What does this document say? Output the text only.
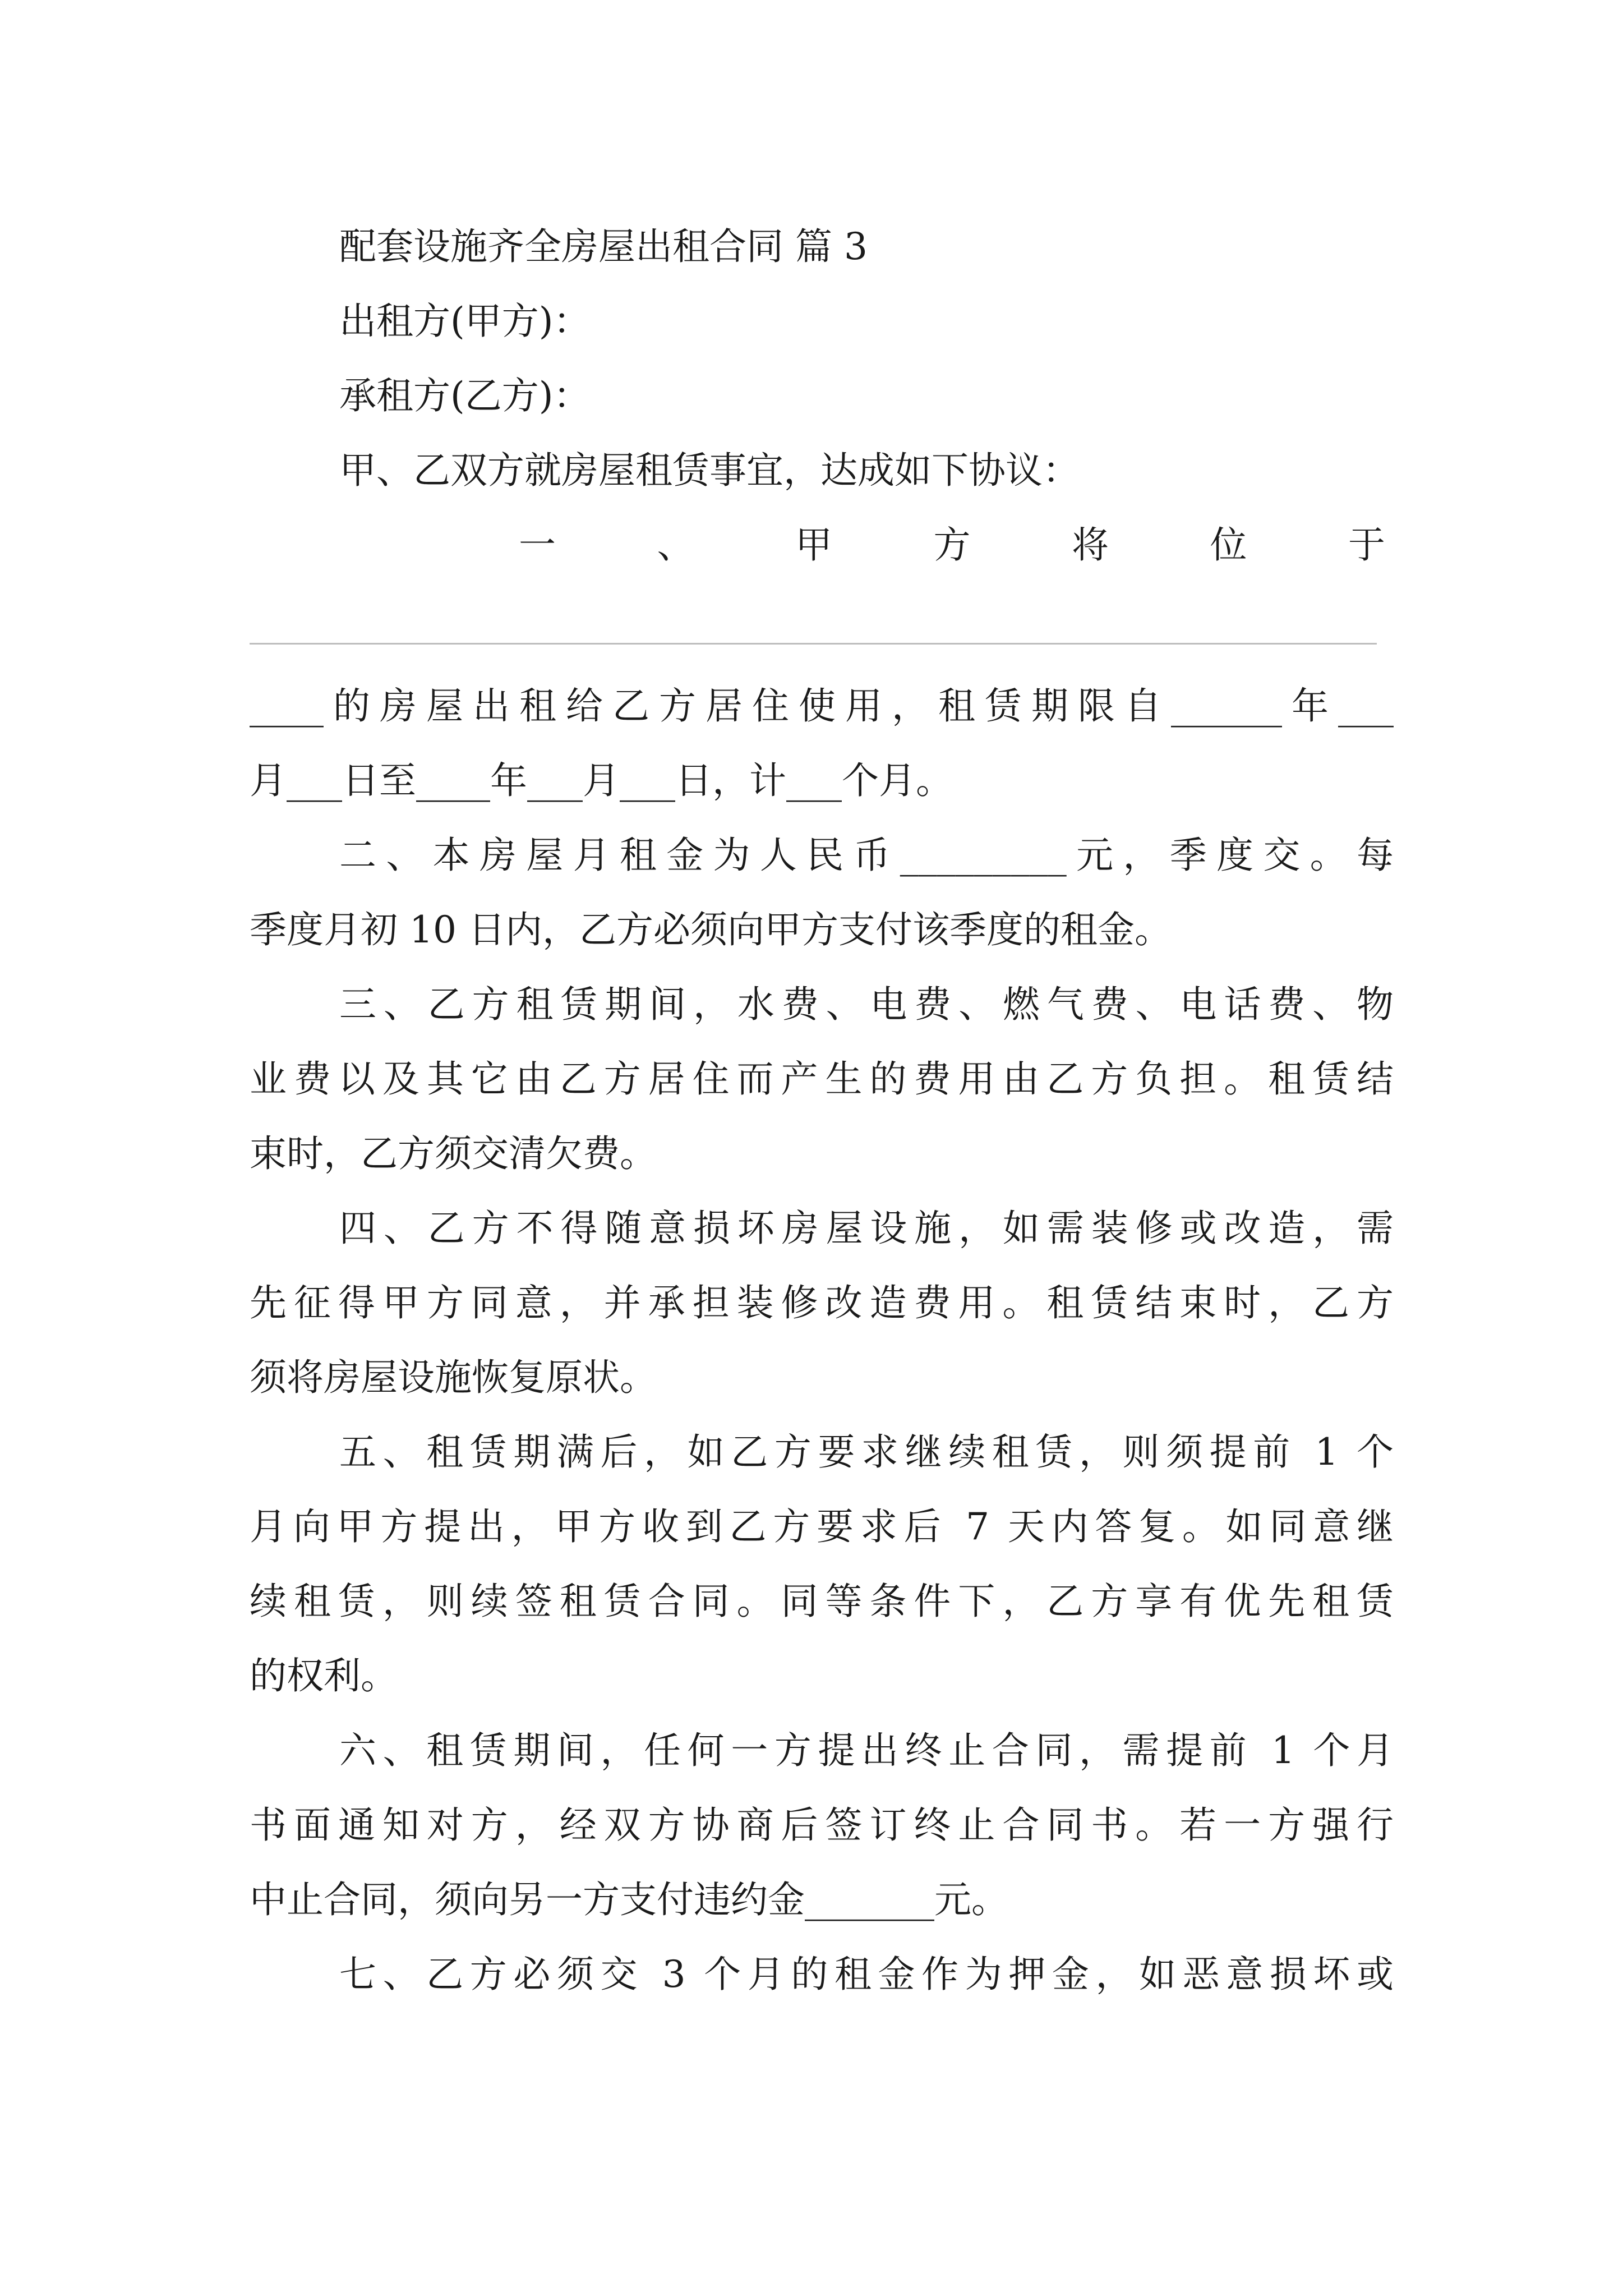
配套设施齐全房屋出租合同 篇 3
出租方(甲方)：
承租方(乙方)：
甲、乙双方就房屋租赁事宜，达成如下协议：
一	、	甲	方	将	位	于
____的房屋出租给乙方居住使用，租赁期限自______年___
月___日至____年___月___日，计___个月。
二、本房屋月租金为人民币_________元，季度交。每
季度月初 10 日内，乙方必须向甲方支付该季度的租金。
三、乙方租赁期间，水费、电费、燃气费、电话费、物
业费以及其它由乙方居住而产生的费用由乙方负担。租赁结
束时，乙方须交清欠费。
四、乙方不得随意损坏房屋设施，如需装修或改造，需
先征得甲方同意，并承担装修改造费用。租赁结束时，乙方
须将房屋设施恢复原状。
五、租赁期满后，如乙方要求继续租赁，则须提前 1 个
月向甲方提出，甲方收到乙方要求后 7 天内答复。如同意继
续租赁，则续签租赁合同。同等条件下，乙方享有优先租赁
的权利。
六、租赁期间，任何一方提出终止合同，需提前 1 个月
书面通知对方，经双方协商后签订终止合同书。若一方强行
中止合同，须向另一方支付违约金_______元。
七、乙方必须交 3 个月的租金作为押金，如恶意损坏或
